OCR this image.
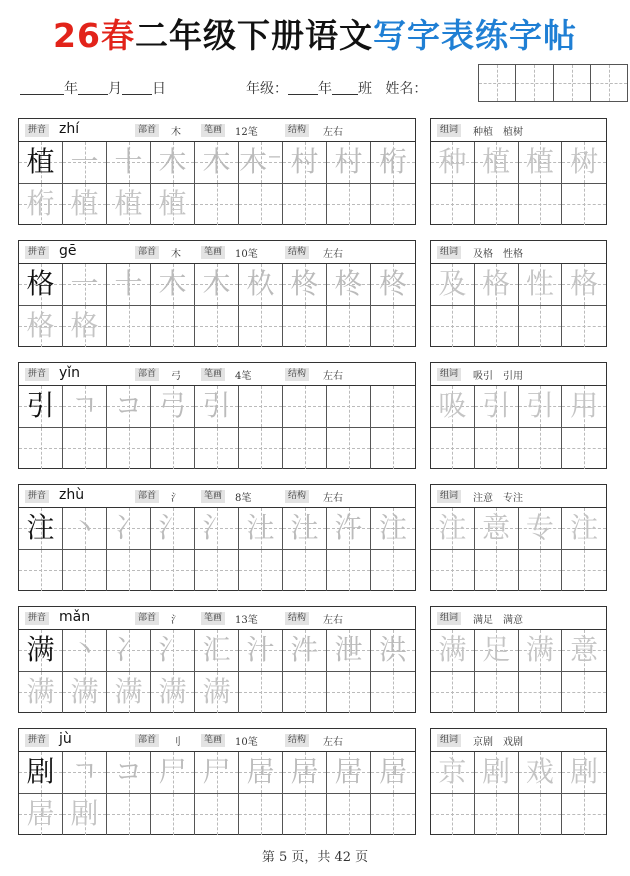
26春二年级下册语文写字表练字帖
年 月 日	年级： 年 班 姓名：
拼音 zhí	部首	木	笔画	12笔	结构	左右
植 一 十 木 木 木⁻ 村 村 桁
桁 植 植 植
组词	种植　植树
种 植 植 树
拼音 gē	部首	木	笔画	10笔	结构	左右
格 一 十 木 木 杦 柊 柊 柊
格 格
组词	及格　性格
及 格 性 格
拼音 yǐn	部首	弓	笔画	4笔	结构	左右
引 ㄱ コ 弓 引
组词	吸引　引用
吸 引 引 用
拼音 zhù	部首	氵	笔画	8笔	结构	左右
注 丶 冫 氵 氵 汢 汢 汻 注
组词	注意　专注
注 意 专 注
拼音 mǎn	部首	氵	笔画	13笔	结构	左右
满 丶 冫 氵 汇 汁 汼 泄 洪
满 满 满 满 满
组词	满足　满意
满 足 满 意
拼音 jù	部首	刂	笔画	10笔	结构	左右
剧 ㄱ コ 尸 尸 居 居 居 居
居 剧
组词	京剧　戏剧
京 剧 戏 剧
第 5 页，共 42 页
